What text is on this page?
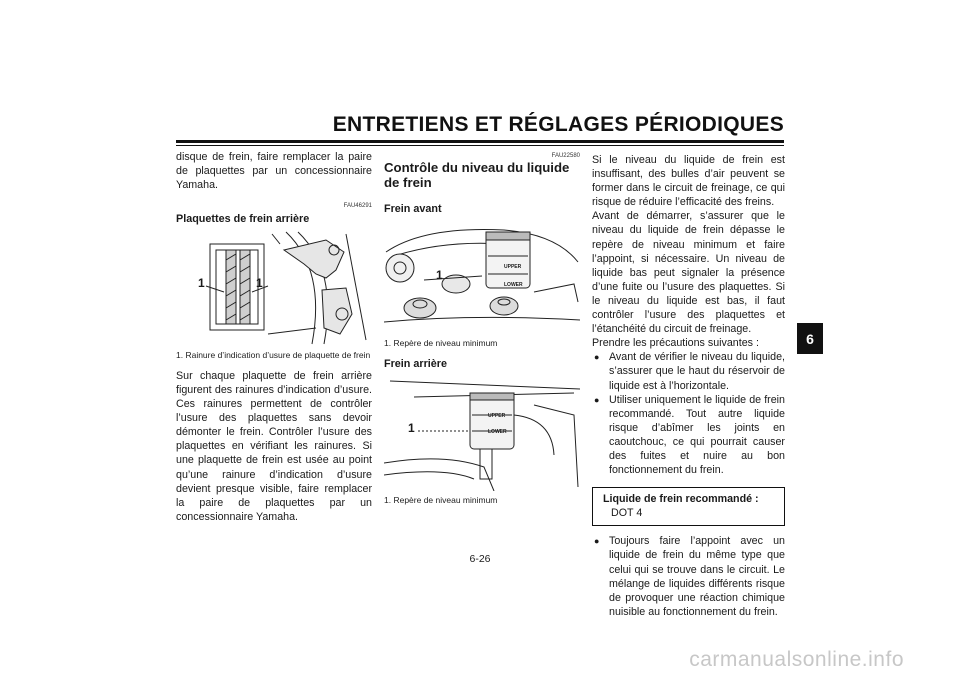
ENTRETIENS ET RÉGLAGES PÉRIODIQUES
6

disque de frein, faire remplacer la paire de plaquettes par un concessionnaire Yamaha.

FAU46291
Plaquettes de frein arrière
1	1
1. Rainure d’indication d’usure de plaquette de frein

Sur chaque plaquette de frein arrière figurent des rainures d’indication d’usure. Ces rainures permettent de contrôler l’usure des plaquettes sans devoir démonter le frein. Contrôler l’usure des plaquettes en vérifiant les rainures. Si une plaquette de frein est usée au point qu’une rainure d’indication d’usure devient presque visible, faire remplacer la paire de plaquettes par un concessionnaire Yamaha.

FAU22580
Contrôle du niveau du liquide de frein
Frein avant
UPPER
LOWER
1
1. Repère de niveau minimum
Frein arrière
UPPER
LOWER
1
1. Repère de niveau minimum

Si le niveau du liquide de frein est insuffisant, des bulles d’air peuvent se former dans le circuit de freinage, ce qui risque de réduire l’efficacité des freins.

Avant de démarrer, s’assurer que le niveau du liquide de frein dépasse le repère de niveau minimum et faire l’appoint, si nécessaire. Un niveau de liquide bas peut signaler la présence d’une fuite ou l’usure des plaquettes. Si le niveau du liquide est bas, il faut contrôler l’usure des plaquettes et l’étanchéité du circuit de freinage.

Prendre les précautions suivantes :

● Avant de vérifier le niveau du liquide, s’assurer que le haut du réservoir de liquide est à l’horizontale.
● Utiliser uniquement le liquide de frein recommandé. Tout autre liquide risque d’abîmer les joints en caoutchouc, ce qui pourrait causer des fuites et nuire au bon fonctionnement du frein.
Liquide de frein recommandé :
DOT 4
● Toujours faire l’appoint avec un liquide de frein du même type que celui qui se trouve dans le circuit. Le mélange de liquides différents risque de provoquer une réaction chimique nuisible au fonctionnement du frein.
6-26
carmanualsonline.info
